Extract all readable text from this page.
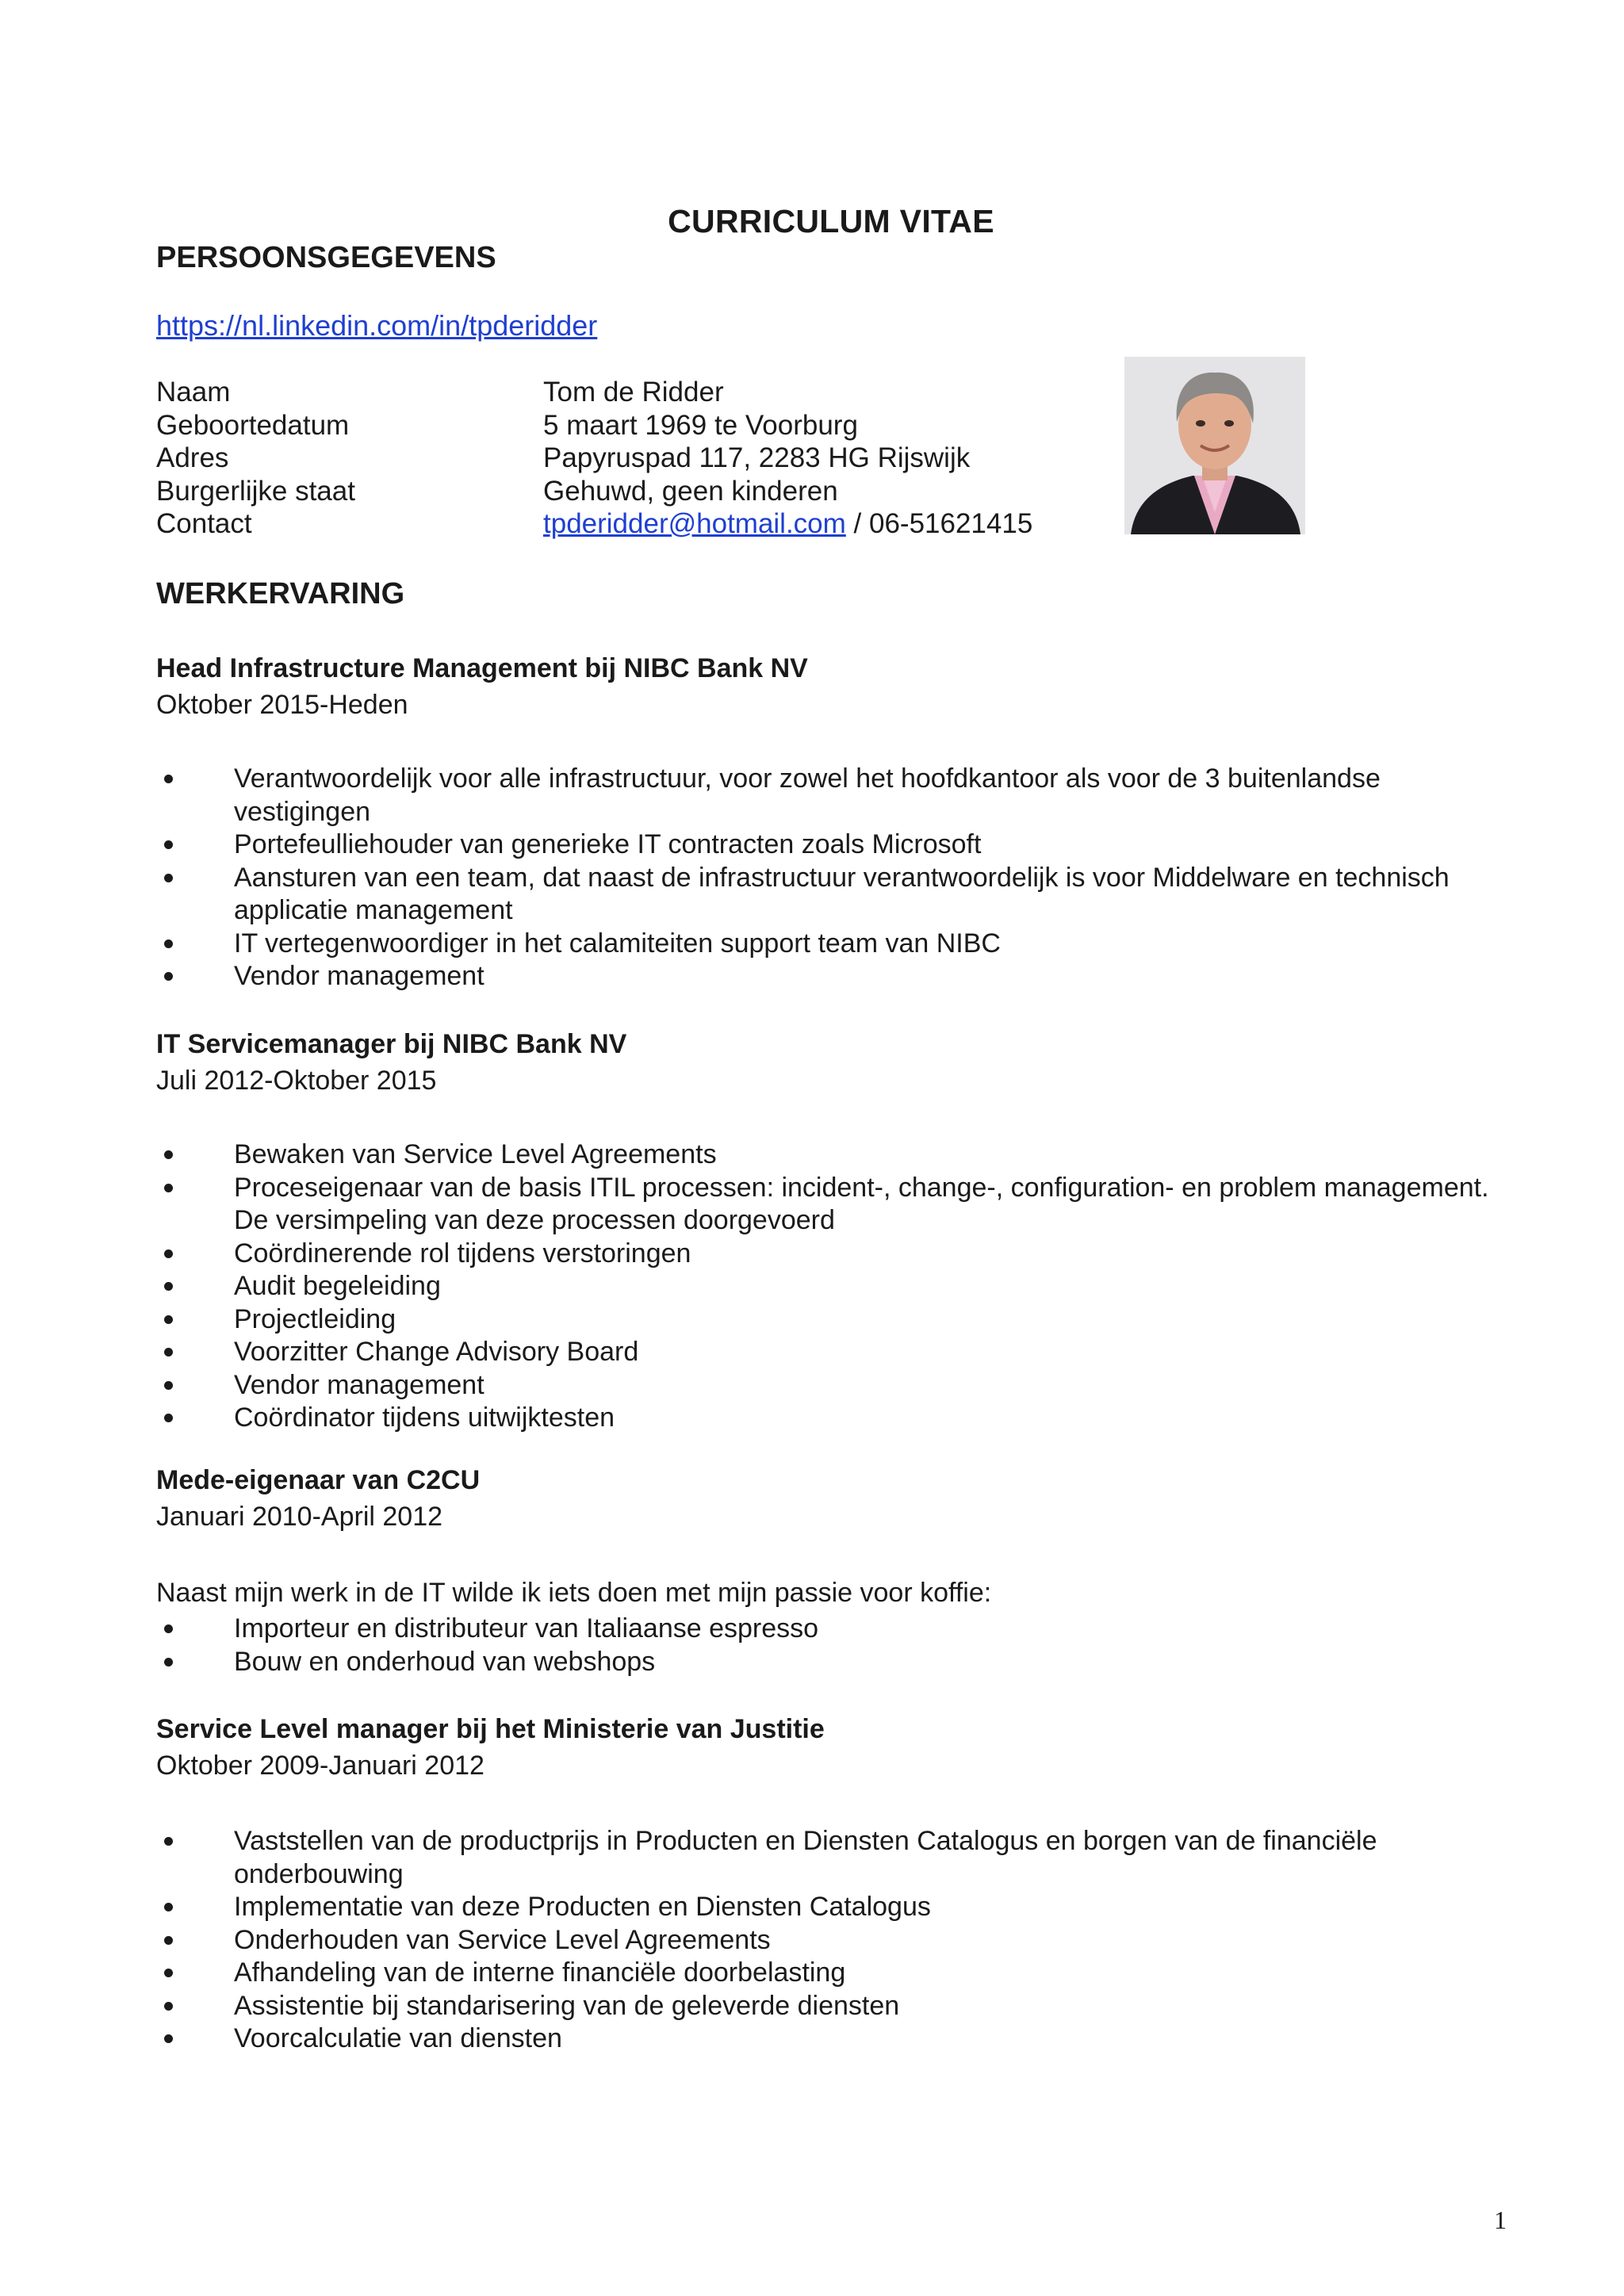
CURRICULUM VITAE
PERSOONSGEGEVENS
https://nl.linkedin.com/in/tpderidder
Naam	Tom de Ridder
Geboortedatum	5 maart 1969 te Voorburg
Adres	Papyruspad 117, 2283 HG Rijswijk
Burgerlijke staat	Gehuwd, geen kinderen
Contact	tpderidder@hotmail.com / 06-51621415
WERKERVARING
Head Infrastructure Management bij NIBC Bank NV
Oktober 2015-Heden
Verantwoordelijk voor alle infrastructuur, voor zowel het hoofdkantoor als voor de 3 buitenlandse vestigingen
Portefeulliehouder van generieke IT contracten zoals Microsoft
Aansturen van een team, dat naast de infrastructuur verantwoordelijk is voor Middelware en technisch applicatie management
IT vertegenwoordiger in het calamiteiten support team van NIBC
Vendor management
IT Servicemanager bij NIBC Bank NV
Juli 2012-Oktober 2015
Bewaken van Service Level Agreements
Proceseigenaar van de basis ITIL processen: incident-, change-, configuration- en problem management. De versimpeling van deze processen doorgevoerd
Coördinerende rol tijdens verstoringen
Audit begeleiding
Projectleiding
Voorzitter Change Advisory Board
Vendor management
Coördinator tijdens uitwijktesten
Mede-eigenaar van C2CU
Januari 2010-April 2012
Naast mijn werk in de IT wilde ik iets doen met mijn passie voor koffie:
Importeur en distributeur van Italiaanse espresso
Bouw en onderhoud van webshops
Service Level manager bij het Ministerie van Justitie
Oktober 2009-Januari 2012
Vaststellen van de productprijs in Producten en Diensten Catalogus en borgen van de financiële onderbouwing
Implementatie van deze Producten en Diensten Catalogus
Onderhouden van Service Level Agreements
Afhandeling van de interne financiële doorbelasting
Assistentie bij standarisering van de geleverde diensten
Voorcalculatie van diensten
1
